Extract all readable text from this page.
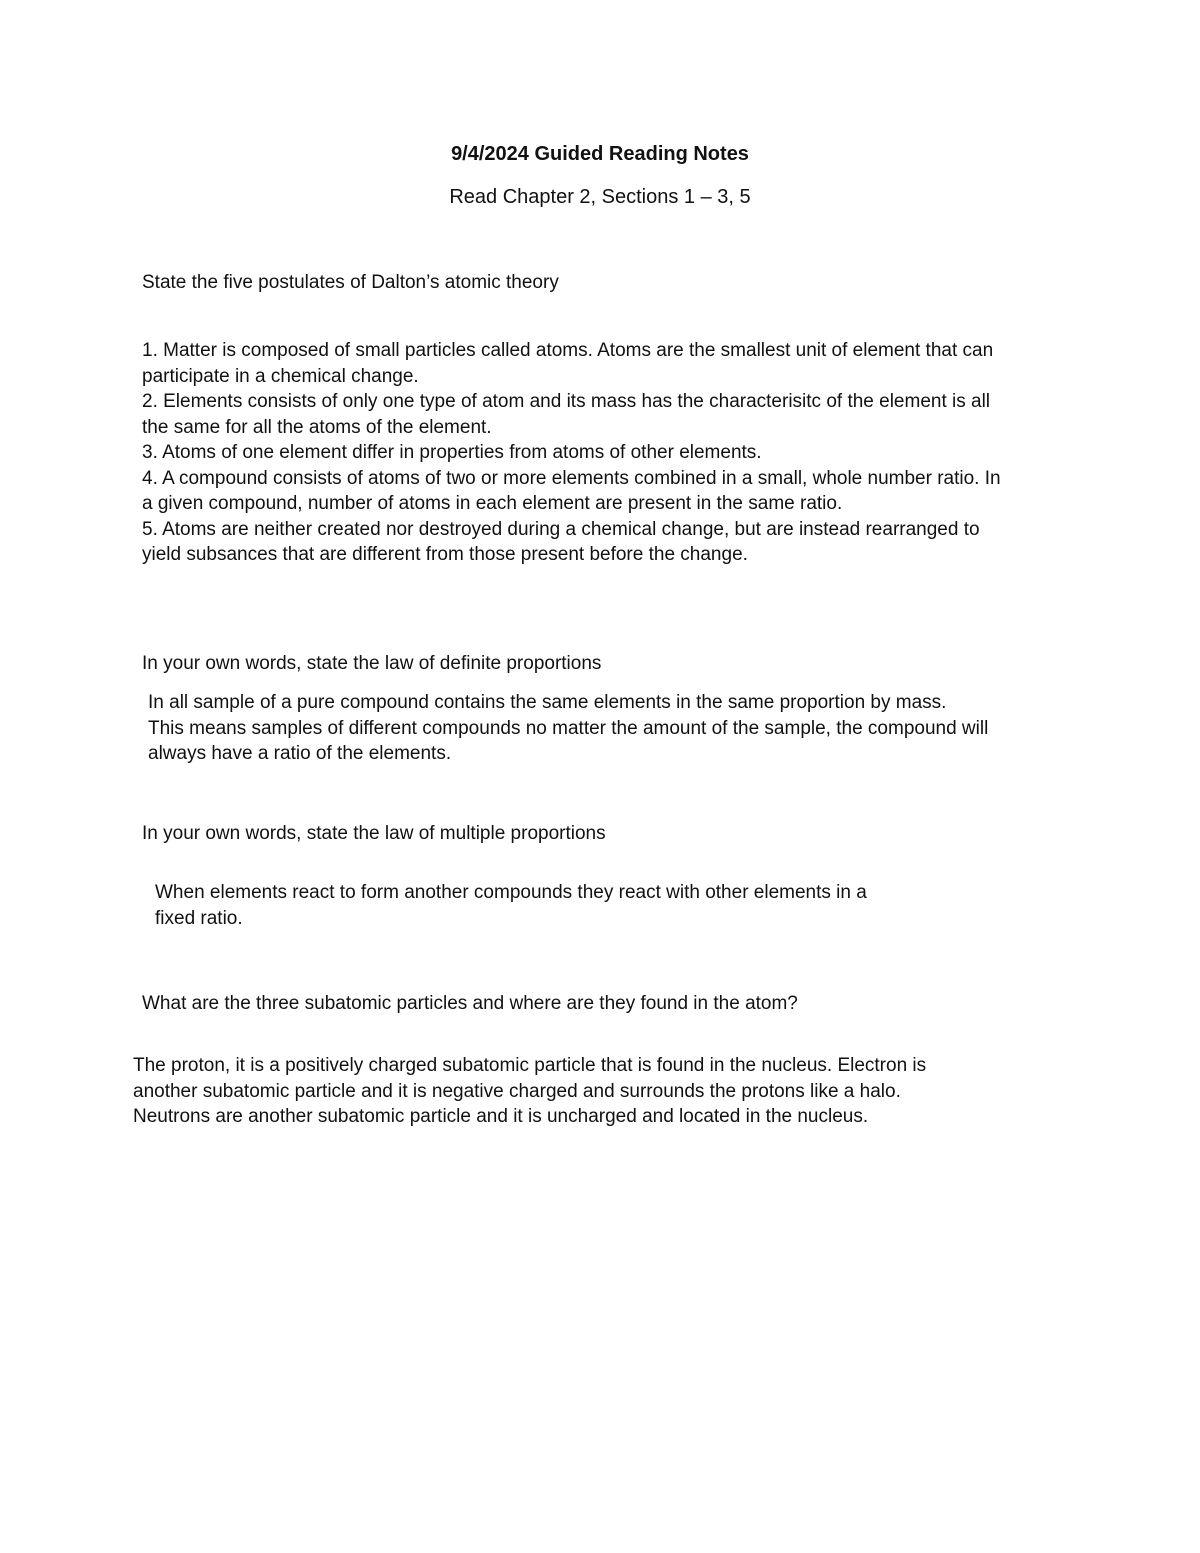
9/4/2024 Guided Reading Notes
Read Chapter 2, Sections 1 – 3, 5
State the five postulates of Dalton’s atomic theory

1. Matter is composed of small particles called atoms. Atoms are the smallest unit of element that can participate in a chemical change.

2. Elements consists of only one type of atom and its mass has the characterisitc of the element is all the same for all the atoms of the element.

3. Atoms of one element differ in properties from atoms of other elements.

4. A compound consists of atoms of two or more elements combined in a small, whole number ratio. In a given compound, number of atoms in each element are present in the same ratio.

5. Atoms are neither created nor destroyed during a chemical change, but are instead rearranged to yield subsances that are different from those present before the change.

In your own words, state the law of definite proportions

In all sample of a pure compound contains the same elements in the same proportion by mass.

This means samples of different compounds no matter the amount of the sample, the compound will always have a ratio of the elements.

In your own words, state the law of multiple proportions

When elements react to form another compounds they react with other elements in a fixed ratio.

What are the three subatomic particles and where are they found in the atom?

The proton, it is a positively charged subatomic particle that is found in the nucleus. Electron is another subatomic particle and it is negative charged and surrounds the protons like a halo. Neutrons are another subatomic particle and it is uncharged and located in the nucleus.
